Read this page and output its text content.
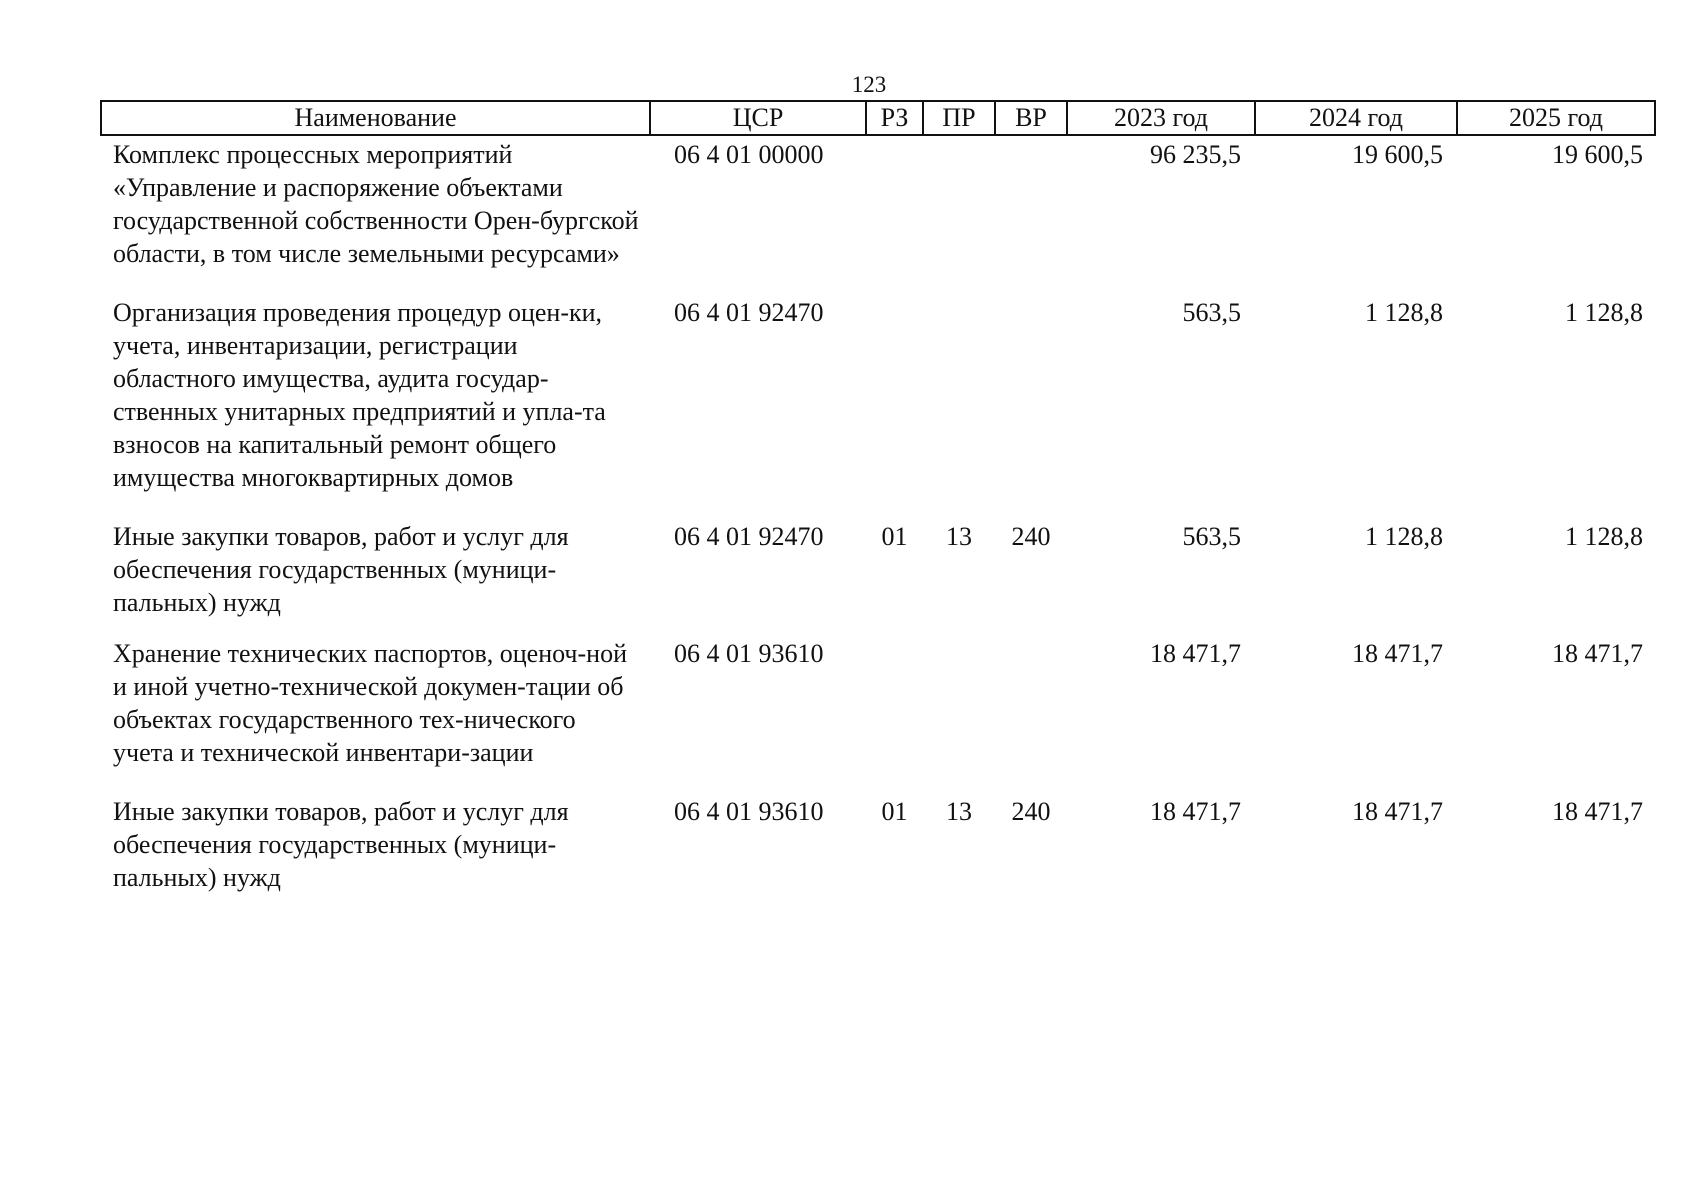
123
Наименование	ЦСР	РЗ	ПР	ВР	2023 год	2024 год	2025 год
Комплекс процессных мероприятий «Управление и распоряжение объектами государственной собственности Орен-бургской области, в том числе земельными ресурсами»	06 4 01 00000				96 235,5	19 600,5	19 600,5
Организация проведения процедур оцен-ки, учета, инвентаризации, регистрации областного имущества, аудита государ-ственных унитарных предприятий и упла-та взносов на капитальный ремонт общего имущества многоквартирных домов	06 4 01 92470				563,5	1 128,8	1 128,8
Иные закупки товаров, работ и услуг для обеспечения государственных (муници-пальных) нужд	06 4 01 92470	01	13	240	563,5	1 128,8	1 128,8
Хранение технических паспортов, оценоч-ной и иной учетно-технической докумен-тации об объектах государственного тех-нического учета и технической инвентари-зации	06 4 01 93610				18 471,7	18 471,7	18 471,7
Иные закупки товаров, работ и услуг для обеспечения государственных (муници-пальных) нужд	06 4 01 93610	01	13	240	18 471,7	18 471,7	18 471,7
